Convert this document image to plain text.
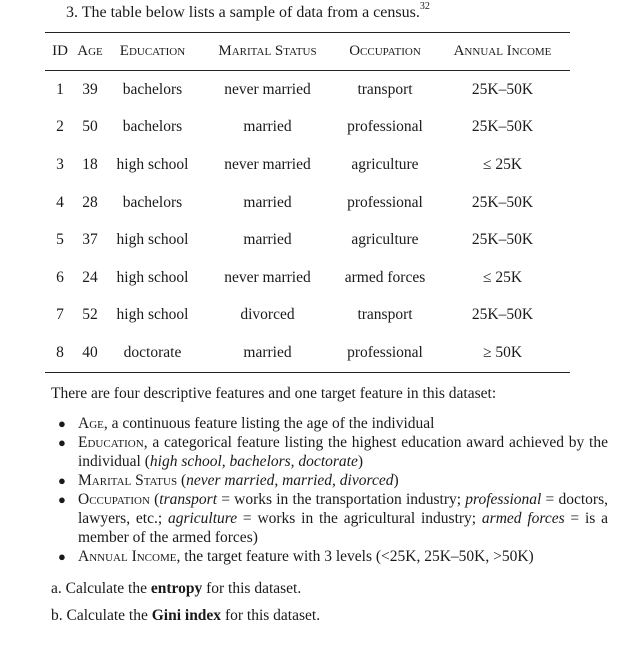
3. The table below lists a sample of data from a census.$^{32}$
ID	Age	Education	Marital Status	Occupation	Annual Income
1	39	bachelors	never married	transport	25K–50K
2	50	bachelors	married	professional	25K–50K
3	18	high school	never married	agriculture	≤ 25K
4	28	bachelors	married	professional	25K–50K
5	37	high school	married	agriculture	25K–50K
6	24	high school	never married	armed forces	≤ 25K
7	52	high school	divorced	transport	25K–50K
8	40	doctorate	married	professional	≥ 50K
There are four descriptive features and one target feature in this dataset:
● Age, a continuous feature listing the age of the individual
● Education, a categorical feature listing the highest education award achieved by the individual (high school, bachelors, doctorate)
● Marital Status (never married, married, divorced)
● Occupation (transport = works in the transportation industry; professional = doctors, lawyers, etc.; agriculture = works in the agricultural industry; armed forces = is a member of the armed forces)
● Annual Income, the target feature with 3 levels (<25K, 25K–50K, >50K)
a. Calculate the entropy for this dataset.
b. Calculate the Gini index for this dataset.
